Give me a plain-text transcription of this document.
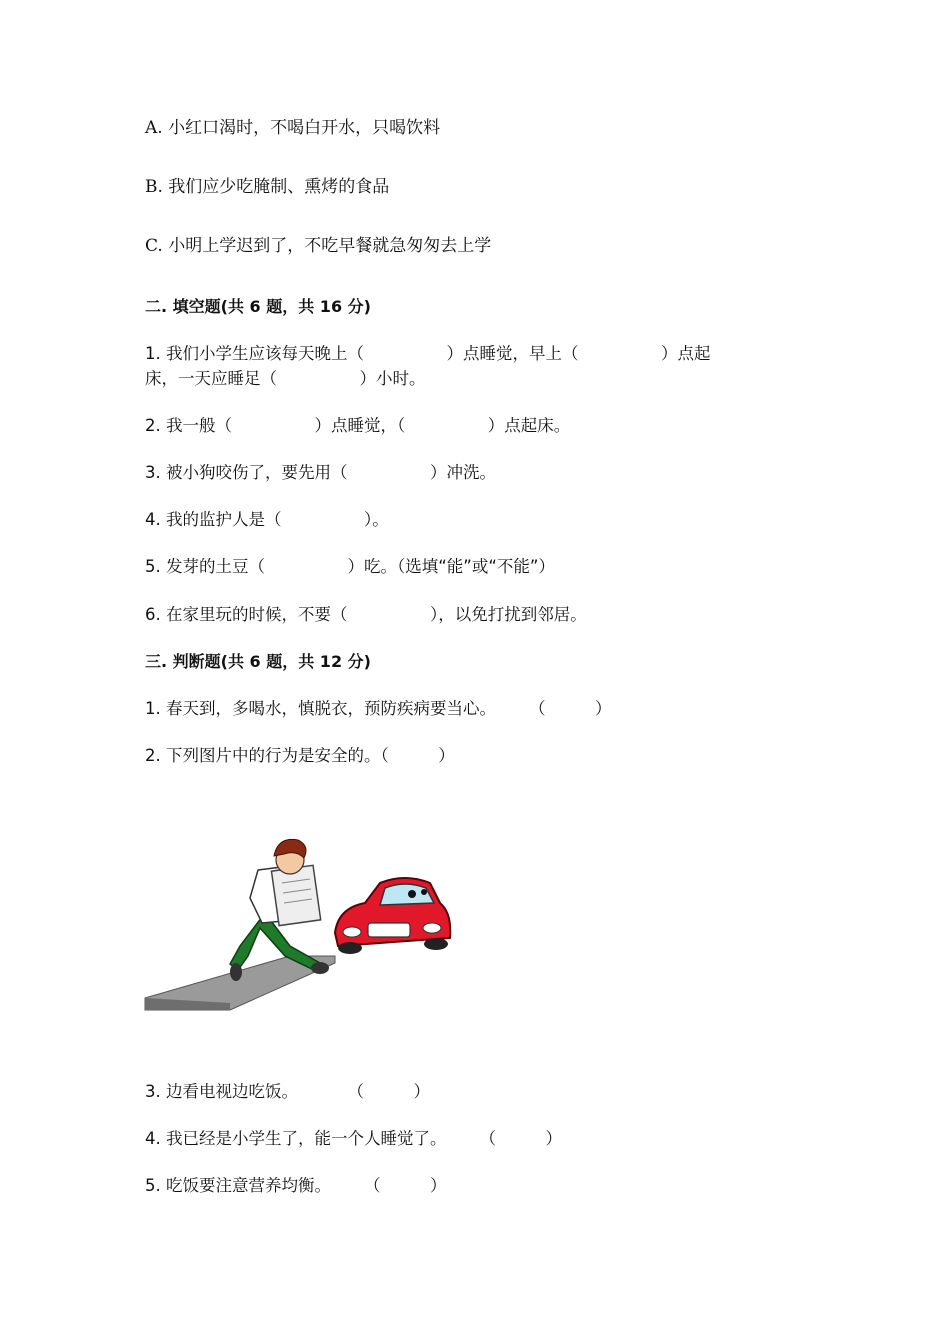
A. 小红口渴时，不喝白开水，只喝饮料
B. 我们应少吃腌制、熏烤的食品
C. 小明上学迟到了，不吃早餐就急匆匆去上学
二. 填空题(共 6 题，共 16 分)
1. 我们小学生应该每天晚上（　　　　　）点睡觉，早上（　　　　　）点起
床，一天应睡足（　　　　　）小时。
2. 我一般（　　　　　）点睡觉，（　　　　　）点起床。
3. 被小狗咬伤了，要先用（　　　　　）冲洗。
4. 我的监护人是（　　　　　）。
5. 发芽的土豆（　　　　　）吃。（选填“能”或“不能”）
6. 在家里玩的时候，不要（　　　　　），以免打扰到邻居。
三. 判断题(共 6 题，共 12 分)
1. 春天到，多喝水，慎脱衣，预防疾病要当心。　　　（　　　）
2. 下列图片中的行为是安全的。（　　　）
3. 边看电视边吃饭。　　　　（　　　）
4. 我已经是小学生了，能一个人睡觉了。　　　（　　　）
5. 吃饭要注意营养均衡。　　　（　　　）
